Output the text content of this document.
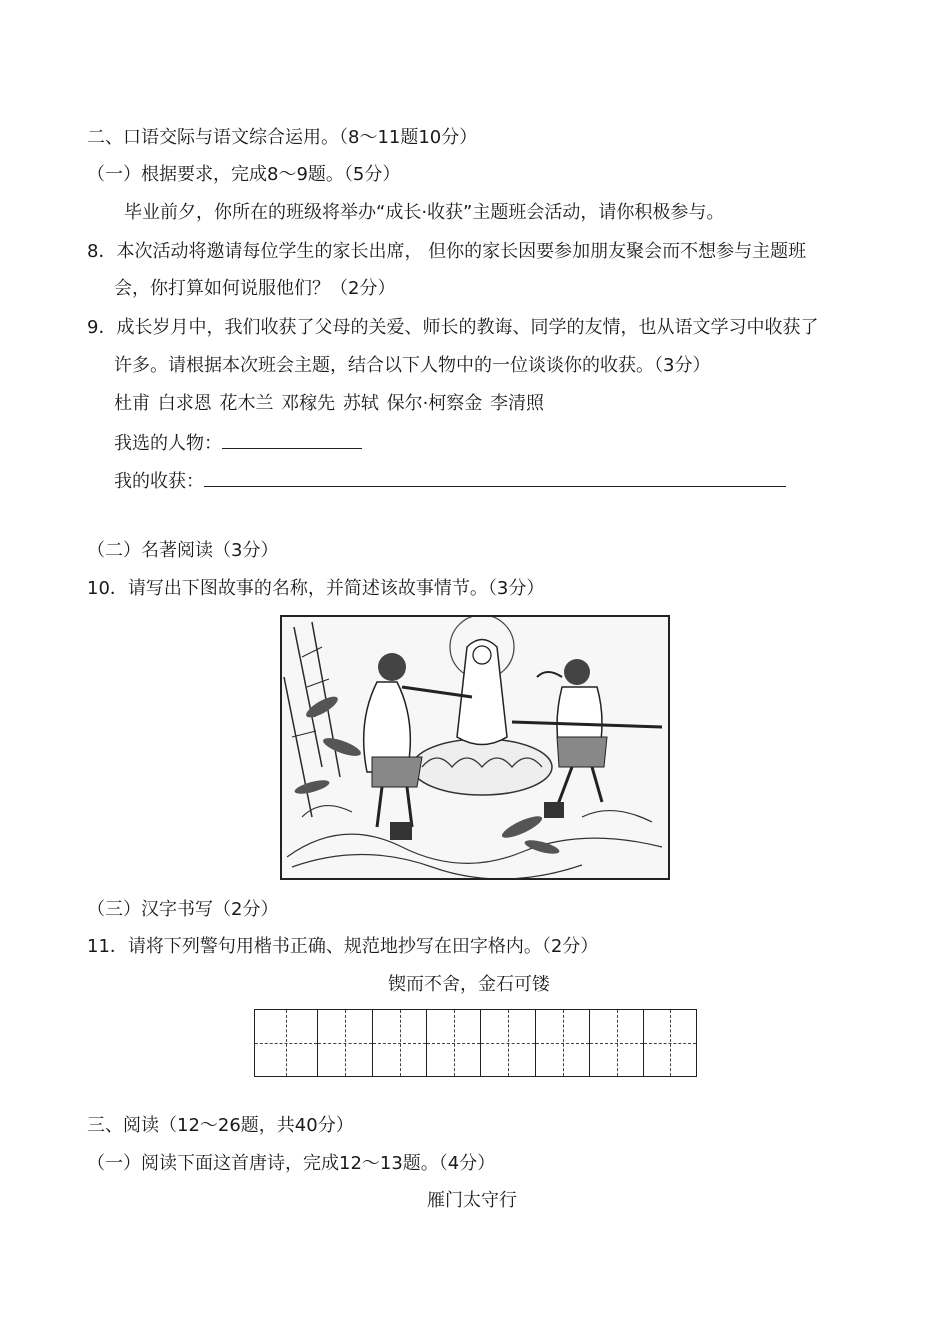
二、口语交际与语文综合运用。（8～11题10分）
（一）根据要求，完成8～9题。（5分）
毕业前夕，你所在的班级将举办“成长·收获”主题班会活动，请你积极参与。
8．本次活动将邀请每位学生的家长出席， 但你的家长因要参加朋友聚会而不想参与主题班
会，你打算如何说服他们？（2分）
9．成长岁月中，我们收获了父母的关爱、师长的教诲、同学的友情，也从语文学习中收获了
许多。请根据本次班会主题，结合以下人物中的一位谈谈你的收获。（3分）
杜甫 白求恩 花木兰 邓稼先 苏轼 保尔·柯察金 李清照
我选的人物：
我的收获：
（二）名著阅读（3分）
10．请写出下图故事的名称，并简述该故事情节。（3分）
（三）汉字书写（2分）
11．请将下列警句用楷书正确、规范地抄写在田字格内。（2分）
锲而不舍，金石可镂
三、阅读（12～26题，共40分）
（一）阅读下面这首唐诗，完成12～13题。（4分）
雁门太守行
